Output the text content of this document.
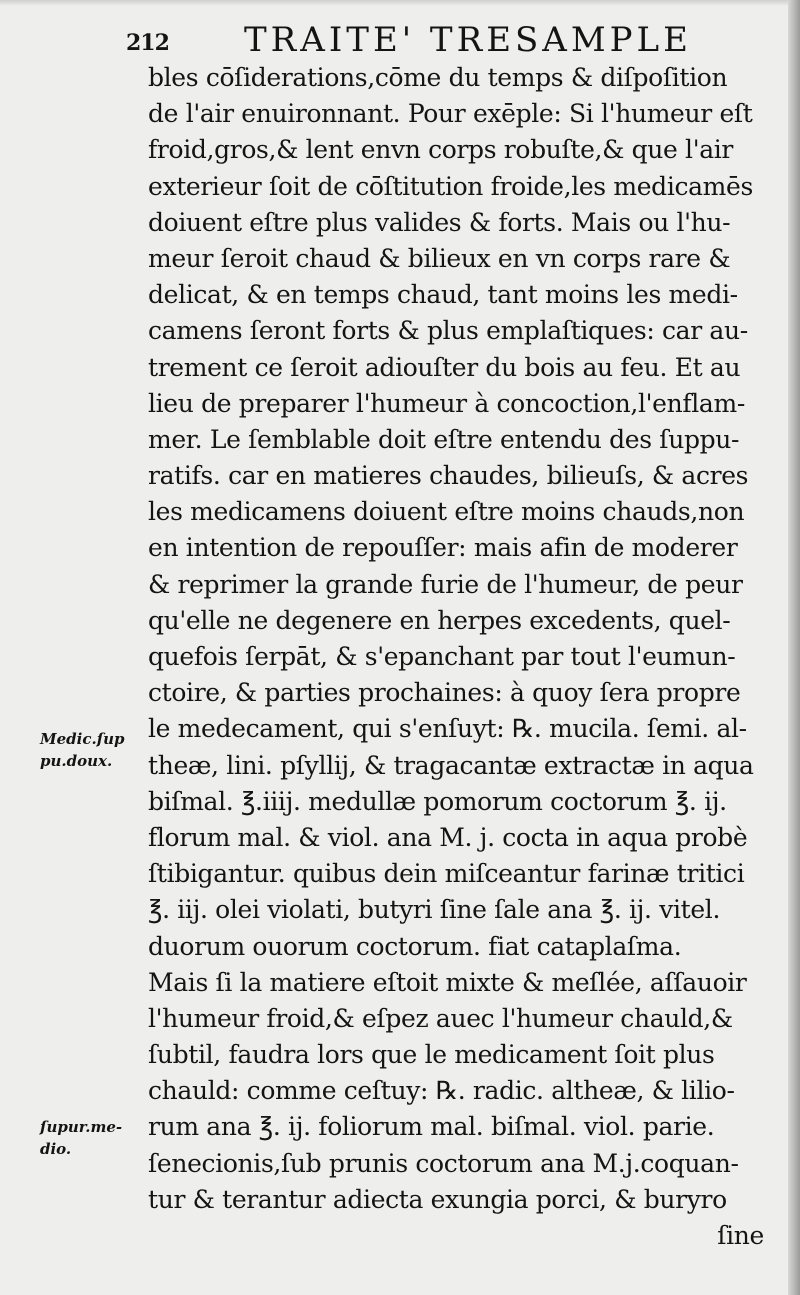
212 TRAITE' TRESAMPLE
bles cōſiderations,cōme du temps & diſpoſition
de l'air enuironnant. Pour exēple: Si l'humeur eſt
froid,gros,& lent envn corps robuſte,& que l'air
exterieur ſoit de cōſtitution froide,les medicamēs
doiuent eſtre plus valides & forts. Mais ou l'hu-
meur ſeroit chaud & bilieux en vn corps rare &
delicat, & en temps chaud, tant moins les medi-
camens ſeront forts & plus emplaſtiques: car au-
trement ce ſeroit adiouſter du bois au feu. Et au
lieu de preparer l'humeur à concoction,l'enflam-
mer. Le ſemblable doit eſtre entendu des ſuppu-
ratifs. car en matieres chaudes, bilieuſs, & acres
les medicamens doiuent eſtre moins chauds,non
en intention de repouſſer: mais afin de moderer
& reprimer la grande furie de l'humeur, de peur
qu'elle ne degenere en herpes excedents, quel-
quefois ſerpāt, & s'epanchant par tout l'eumun-
ctoire, & parties prochaines: à quoy ſera propre
le medecament, qui s'enſuyt: ℞. mucila. ſemi. al-
theæ, lini. pſyllij, & tragacantæ extractæ in aqua
biſmal. ℥.iiij. medullæ pomorum coctorum ℥. ij.
florum mal. & viol. ana M. j. cocta in aqua probè
ſtibigantur. quibus dein miſceantur farinæ tritici
℥. iij. olei violati, butyri ſine ſale ana ℥. ij. vitel.
duorum ouorum coctorum. fiat cataplaſma.
Mais ſi la matiere eſtoit mixte & meſlée, aſſauoir
l'humeur froid,& eſpez auec l'humeur chauld,&
ſubtil, faudra lors que le medicament ſoit plus
chauld: comme ceſtuy: ℞. radic. altheæ, & lilio-
rum ana ℥. ij. foliorum mal. biſmal. viol. parie.
ſenecionis,ſub prunis coctorum ana M.j.coquan-
tur & terantur adiecta exungia porci, & buryro
ſine
Medic.ſup
pu.doux.
ſupur.me-
dio.
